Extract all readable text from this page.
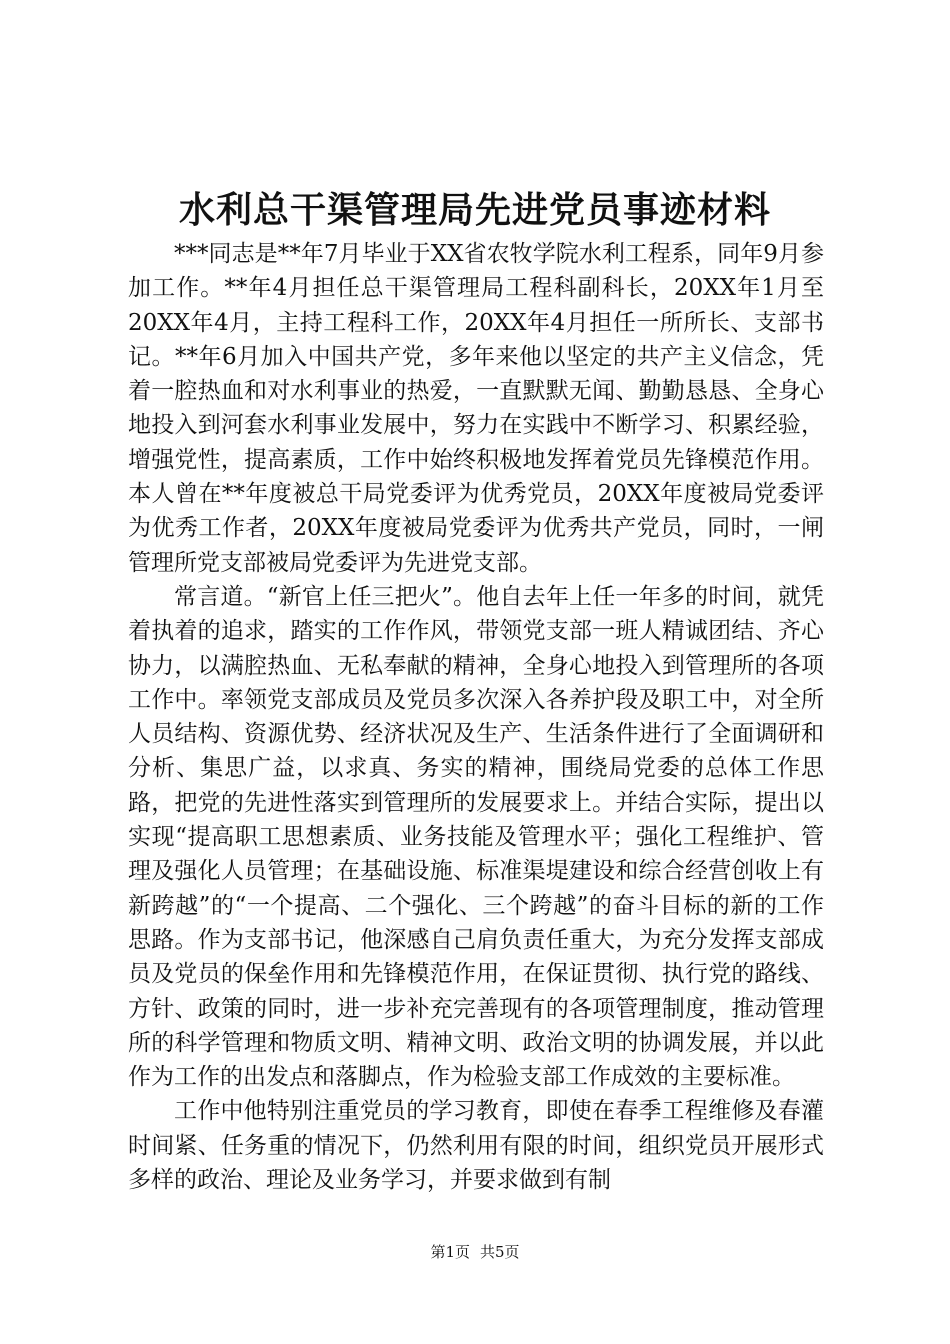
水利总干渠管理局先进党员事迹材料

***同志是**年7月毕业于XX省农牧学院水利工程系，同年9月参加工作。**年4月担任总干渠管理局工程科副科长，20XX年1月至20XX年4月，主持工程科工作，20XX年4月担任一所所长、支部书记。**年6月加入中国共产党，多年来他以坚定的共产主义信念，凭着一腔热血和对水利事业的热爱，一直默默无闻、勤勤恳恳、全身心地投入到河套水利事业发展中，努力在实践中不断学习、积累经验，增强党性，提高素质，工作中始终积极地发挥着党员先锋模范作用。本人曾在**年度被总干局党委评为优秀党员，20XX年度被局党委评为优秀工作者，20XX年度被局党委评为优秀共产党员，同时，一闸管理所党支部被局党委评为先进党支部。

常言道。“新官上任三把火”。他自去年上任一年多的时间，就凭着执着的追求，踏实的工作作风，带领党支部一班人精诚团结、齐心协力，以满腔热血、无私奉献的精神，全身心地投入到管理所的各项工作中。率领党支部成员及党员多次深入各养护段及职工中，对全所人员结构、资源优势、经济状况及生产、生活条件进行了全面调研和分析、集思广益，以求真、务实的精神，围绕局党委的总体工作思路，把党的先进性落实到管理所的发展要求上。并结合实际，提出以实现“提高职工思想素质、业务技能及管理水平；强化工程维护、管理及强化人员管理；在基础设施、标准渠堤建设和综合经营创收上有新跨越”的“一个提高、二个强化、三个跨越”的奋斗目标的新的工作思路。作为支部书记，他深感自己肩负责任重大，为充分发挥支部成员及党员的保垒作用和先锋模范作用，在保证贯彻、执行党的路线、方针、政策的同时，进一步补充完善现有的各项管理制度，推动管理所的科学管理和物质文明、精神文明、政治文明的协调发展，并以此作为工作的出发点和落脚点，作为检验支部工作成效的主要标准。

工作中他特别注重党员的学习教育，即使在春季工程维修及春灌时间紧、任务重的情况下，仍然利用有限的时间，组织党员开展形式多样的政治、理论及业务学习，并要求做到有制

第1页 共5页
